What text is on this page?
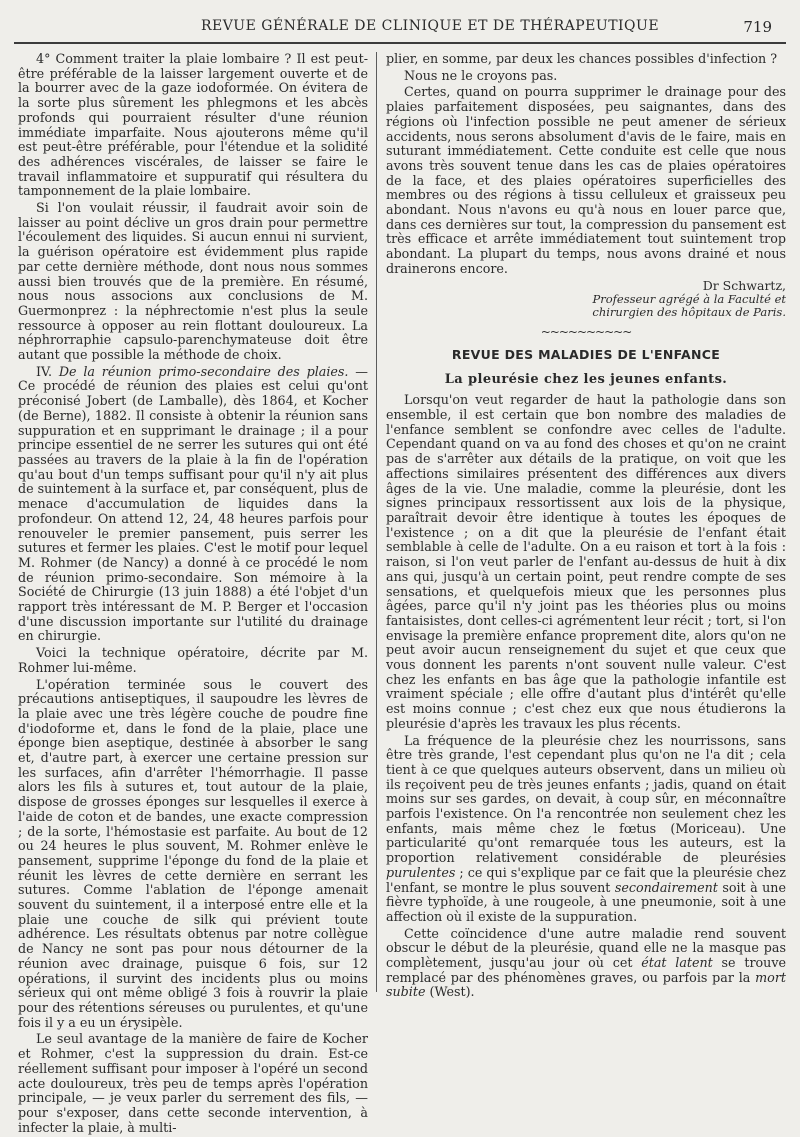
REVUE GÉNÉRALE DE CLINIQUE ET DE THÉRAPEUTIQUE	719

4° Comment traiter la plaie lombaire ? Il est peut-être préférable de la laisser largement ouverte et de la bourrer avec de la gaze iodoformée. On évitera de la sorte plus sûrement les phlegmons et les abcès profonds qui pourraient résulter d'une réunion immédiate imparfaite. Nous ajouterons même qu'il est peut-être préférable, pour l'étendue et la solidité des adhérences viscérales, de laisser se faire le travail inflammatoire et suppuratif qui résultera du tamponnement de la plaie lombaire.

Si l'on voulait réussir, il faudrait avoir soin de laisser au point déclive un gros drain pour permettre l'écoulement des liquides. Si aucun ennui ni survient, la guérison opératoire est évidemment plus rapide par cette dernière méthode, dont nous nous sommes aussi bien trouvés que de la première. En résumé, nous nous associons aux conclusions de M. Guermonprez : la néphrectomie n'est plus la seule ressource à opposer au rein flottant douloureux. La néphrorraphie capsulo-parenchymateuse doit être autant que possible la méthode de choix.

IV. De la réunion primo-secondaire des plaies. — Ce procédé de réunion des plaies est celui qu'ont préconisé Jobert (de Lamballe), dès 1864, et Kocher (de Berne), 1882. Il consiste à obtenir la réunion sans suppuration et en supprimant le drainage ; il a pour principe essentiel de ne serrer les sutures qui ont été passées au travers de la plaie à la fin de l'opération qu'au bout d'un temps suffisant pour qu'il n'y ait plus de suintement à la surface et, par conséquent, plus de menace d'accumulation de liquides dans la profondeur. On attend 12, 24, 48 heures parfois pour renouveler le premier pansement, puis serrer les sutures et fermer les plaies. C'est le motif pour lequel M. Rohmer (de Nancy) a donné à ce procédé le nom de réunion primo-secondaire. Son mémoire à la Société de Chirurgie (13 juin 1888) a été l'objet d'un rapport très intéressant de M. P. Berger et l'occasion d'une discussion importante sur l'utilité du drainage en chirurgie.

Voici la technique opératoire, décrite par M. Rohmer lui-même.

L'opération terminée sous le couvert des précautions antiseptiques, il saupoudre les lèvres de la plaie avec une très légère couche de poudre fine d'iodoforme et, dans le fond de la plaie, place une éponge bien aseptique, destinée à absorber le sang et, d'autre part, à exercer une certaine pression sur les surfaces, afin d'arrêter l'hémorrhagie. Il passe alors les fils à sutures et, tout autour de la plaie, dispose de grosses éponges sur lesquelles il exerce à l'aide de coton et de bandes, une exacte compression ; de la sorte, l'hémostasie est parfaite. Au bout de 12 ou 24 heures le plus souvent, M. Rohmer enlève le pansement, supprime l'éponge du fond de la plaie et réunit les lèvres de cette dernière en serrant les sutures. Comme l'ablation de l'éponge amenait souvent du suintement, il a interposé entre elle et la plaie une couche de silk qui prévient toute adhérence. Les résultats obtenus par notre collègue de Nancy ne sont pas pour nous détourner de la réunion avec drainage, puisque 6 fois, sur 12 opérations, il survint des incidents plus ou moins sérieux qui ont même obligé 3 fois à rouvrir la plaie pour des rétentions séreuses ou purulentes, et qu'une fois il y a eu un érysipèle.

Le seul avantage de la manière de faire de Kocher et Rohmer, c'est la suppression du drain. Est-ce réellement suffisant pour imposer à l'opéré un second acte douloureux, très peu de temps après l'opération principale, — je veux parler du serrement des fils, — pour s'exposer, dans cette seconde intervention, à infecter la plaie, à multi-

plier, en somme, par deux les chances possibles d'infection ?

Nous ne le croyons pas.

Certes, quand on pourra supprimer le drainage pour des plaies parfaitement disposées, peu saignantes, dans des régions où l'infection possible ne peut amener de sérieux accidents, nous serons absolument d'avis de le faire, mais en suturant immédiatement. Cette conduite est celle que nous avons très souvent tenue dans les cas de plaies opératoires de la face, et des plaies opératoires superficielles des membres ou des régions à tissu celluleux et graisseux peu abondant. Nous n'avons eu qu'à nous en louer parce que, dans ces dernières sur tout, la compression du pansement est très efficace et arrête immédiatement tout suintement trop abondant. La plupart du temps, nous avons drainé et nous drainerons encore.

Dr Schwartz,
Professeur agrégé à la Faculté et
chirurgien des hôpitaux de Paris.
~~~~~~~~~~
REVUE DES MALADIES DE L'ENFANCE
La pleurésie chez les jeunes enfants.

Lorsqu'on veut regarder de haut la pathologie dans son ensemble, il est certain que bon nombre des maladies de l'enfance semblent se confondre avec celles de l'adulte. Cependant quand on va au fond des choses et qu'on ne craint pas de s'arrêter aux détails de la pratique, on voit que les affections similaires présentent des différences aux divers âges de la vie. Une maladie, comme la pleurésie, dont les signes principaux ressortissent aux lois de la physique, paraîtrait devoir être identique à toutes les époques de l'existence ; on a dit que la pleurésie de l'enfant était semblable à celle de l'adulte. On a eu raison et tort à la fois : raison, si l'on veut parler de l'enfant au-dessus de huit à dix ans qui, jusqu'à un certain point, peut rendre compte de ses sensations, et quelquefois mieux que les personnes plus âgées, parce qu'il n'y joint pas les théories plus ou moins fantaisistes, dont celles-ci agrémentent leur récit ; tort, si l'on envisage la première enfance proprement dite, alors qu'on ne peut avoir aucun renseignement du sujet et que ceux que vous donnent les parents n'ont souvent nulle valeur. C'est chez les enfants en bas âge que la pathologie infantile est vraiment spéciale ; elle offre d'autant plus d'intérêt qu'elle est moins connue ; c'est chez eux que nous étudierons la pleurésie d'après les travaux les plus récents.

La fréquence de la pleurésie chez les nourrissons, sans être très grande, l'est cependant plus qu'on ne l'a dit ; cela tient à ce que quelques auteurs observent, dans un milieu où ils reçoivent peu de très jeunes enfants ; jadis, quand on était moins sur ses gardes, on devait, à coup sûr, en méconnaître parfois l'existence. On l'a rencontrée non seulement chez les enfants, mais même chez le fœtus (Moriceau). Une particularité qu'ont remarquée tous les auteurs, est la proportion relativement considérable de pleurésies purulentes ; ce qui s'explique par ce fait que la pleurésie chez l'enfant, se montre le plus souvent secondairement soit à une fièvre typhoïde, à une rougeole, à une pneumonie, soit à une affection où il existe de la suppuration.

Cette coïncidence d'une autre maladie rend souvent obscur le début de la pleurésie, quand elle ne la masque pas complètement, jusqu'au jour où cet état latent se trouve remplacé par des phénomènes graves, ou parfois par la mort subite (West).
